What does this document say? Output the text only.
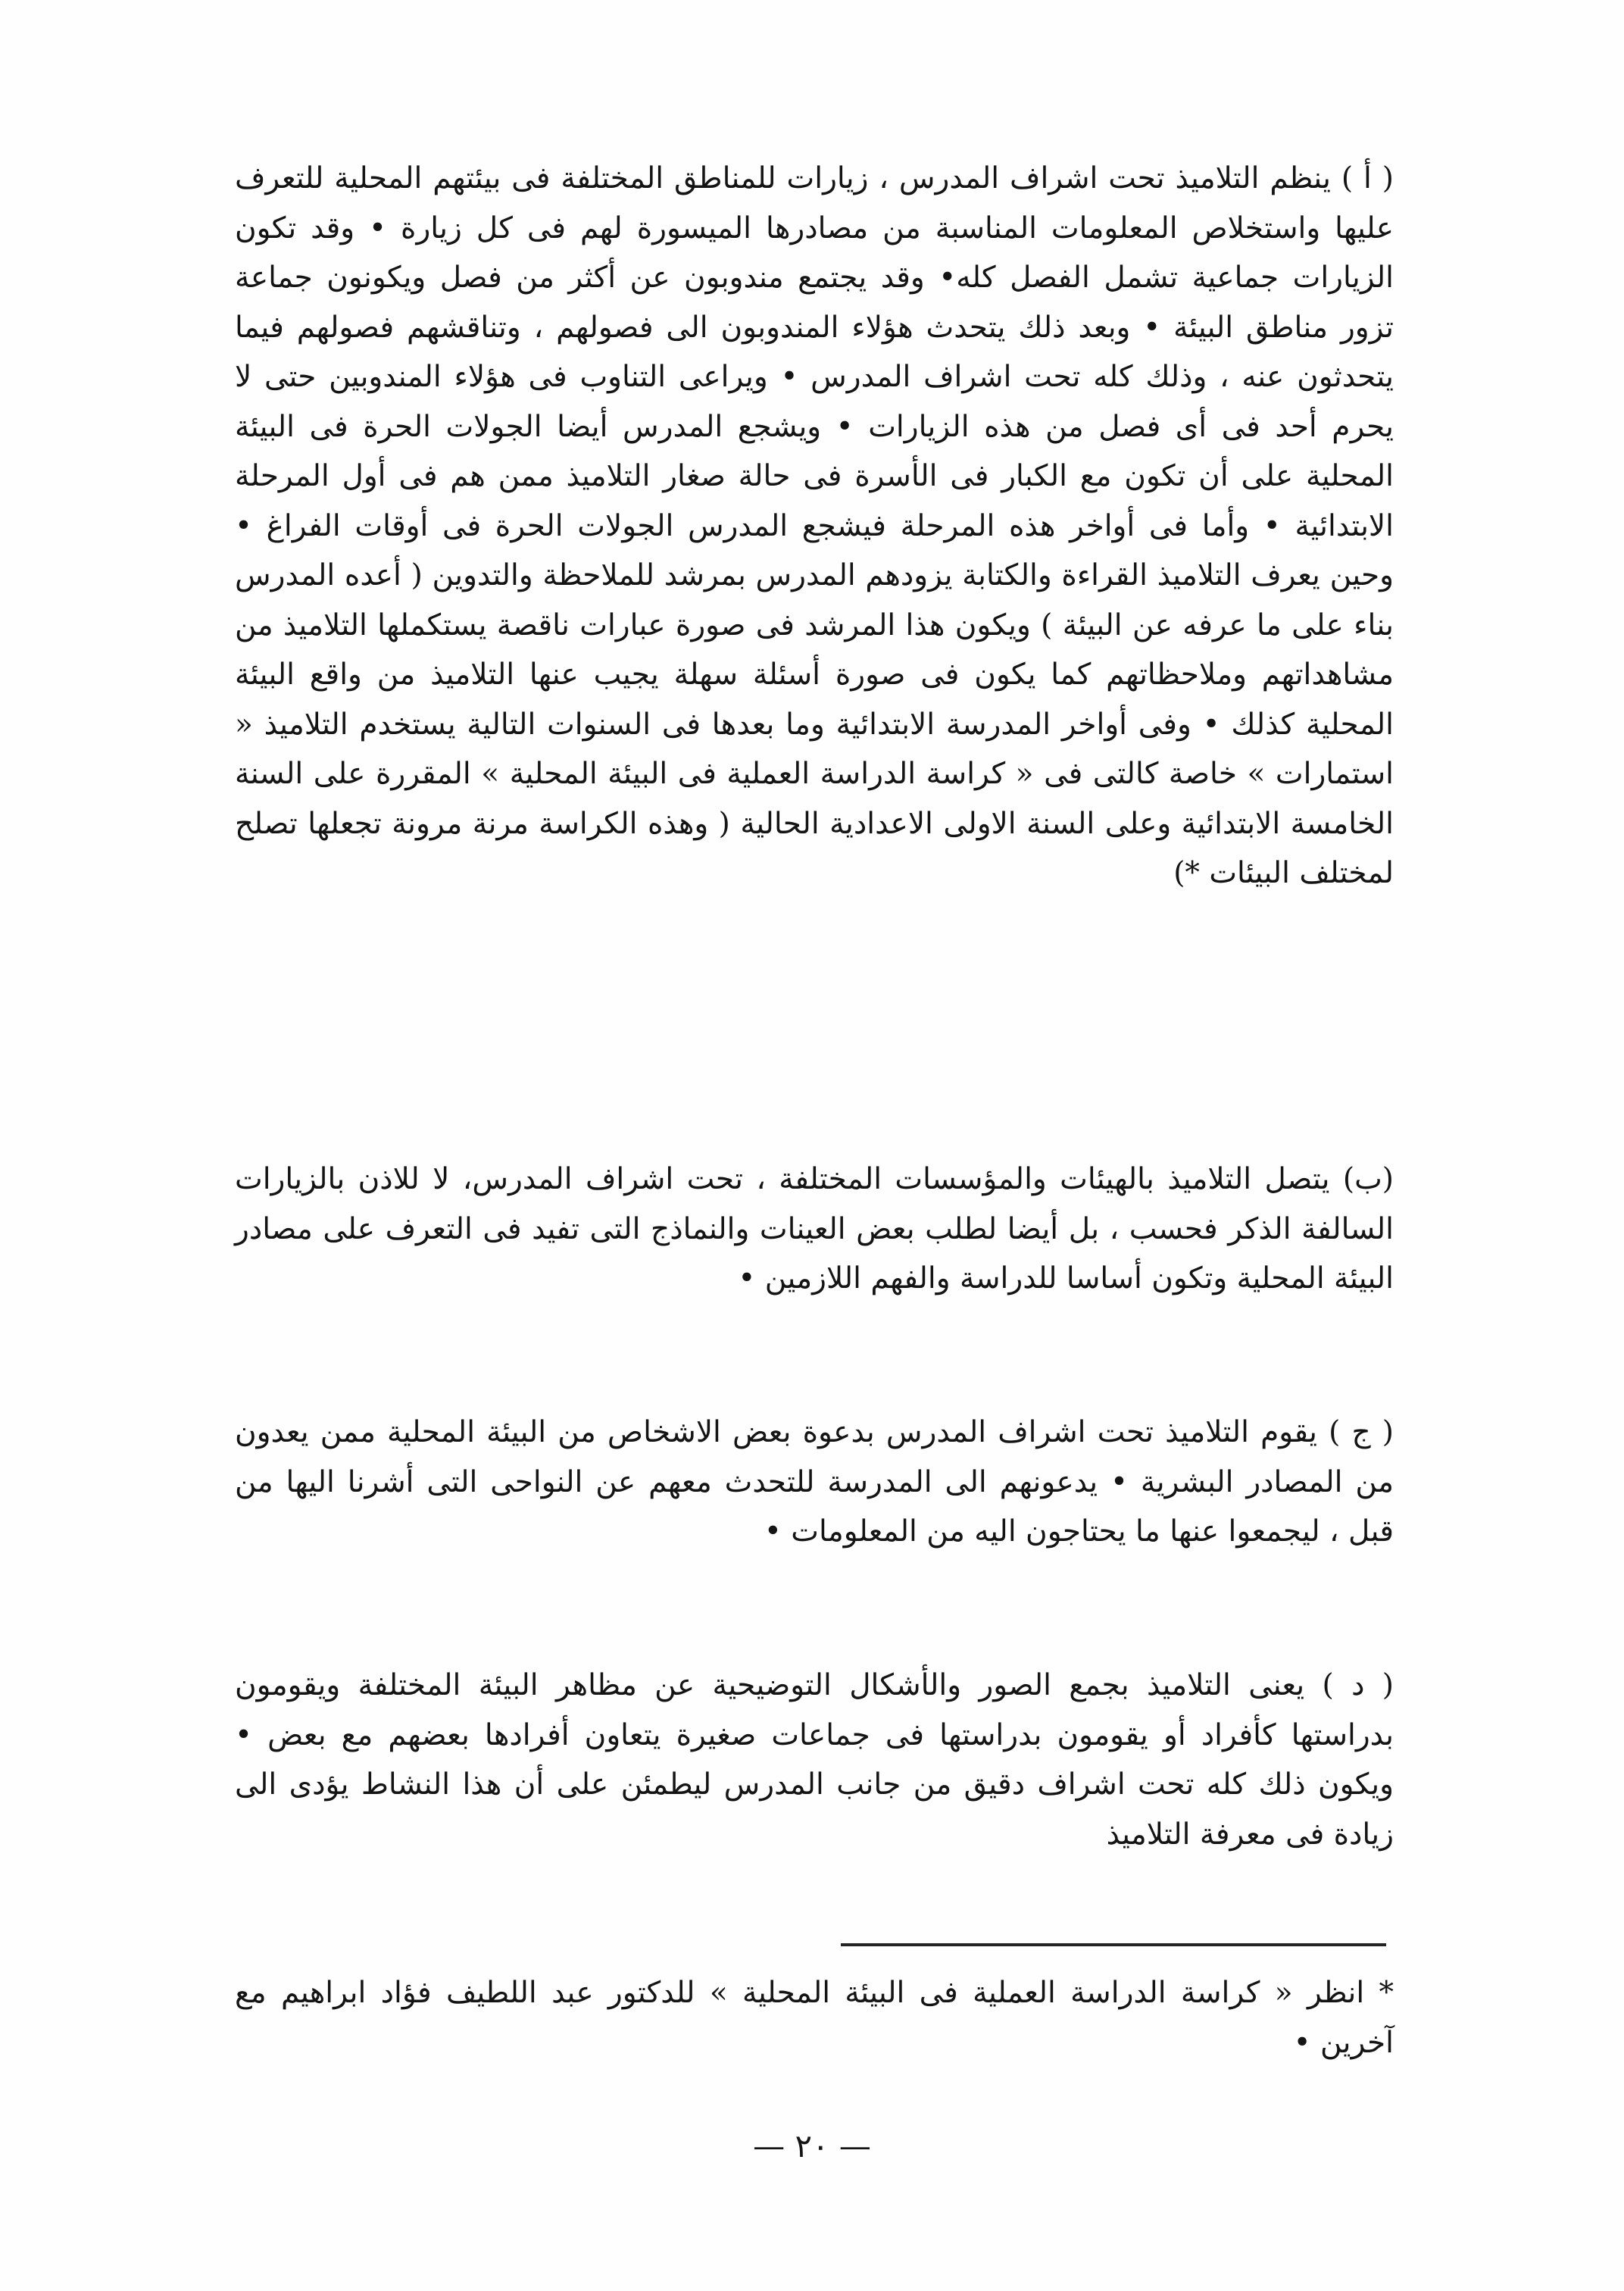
( أ ) ينظم التلاميذ تحت اشراف المدرس ، زيارات للمناطق المختلفة فى بيئتهم المحلية للتعرف عليها واستخلاص المعلومات المناسبة من مصادرها الميسورة لهم فى كل زيارة • وقد تكون الزيارات جماعية تشمل الفصل كله• وقد يجتمع مندوبون عن أكثر من فصل ويكونون جماعة تزور مناطق البيئة • وبعد ذلك يتحدث هؤلاء المندوبون الى فصولهم ، وتناقشهم فصولهم فيما يتحدثون عنه ، وذلك كله تحت اشراف المدرس • ويراعى التناوب فى هؤلاء المندوبين حتى لا يحرم أحد فى أى فصل من هذه الزيارات • ويشجع المدرس أيضا الجولات الحرة فى البيئة المحلية على أن تكون مع الكبار فى الأسرة فى حالة صغار التلاميذ ممن هم فى أول المرحلة الابتدائية • وأما فى أواخر هذه المرحلة فيشجع المدرس الجولات الحرة فى أوقات الفراغ • وحين يعرف التلاميذ القراءة والكتابة يزودهم المدرس بمرشد للملاحظة والتدوين ( أعده المدرس بناء على ما عرفه عن البيئة ) ويكون هذا المرشد فى صورة عبارات ناقصة يستكملها التلاميذ من مشاهداتهم وملاحظاتهم كما يكون فى صورة أسئلة سهلة يجيب عنها التلاميذ من واقع البيئة المحلية كذلك • وفى أواخر المدرسة الابتدائية وما بعدها فى السنوات التالية يستخدم التلاميذ « استمارات » خاصة كالتى فى « كراسة الدراسة العملية فى البيئة المحلية » المقررة على السنة الخامسة الابتدائية وعلى السنة الاولى الاعدادية الحالية ( وهذه الكراسة مرنة مرونة تجعلها تصلح لمختلف البيئات *)

(ب) يتصل التلاميذ بالهيئات والمؤسسات المختلفة ، تحت اشراف المدرس، لا للاذن بالزيارات السالفة الذكر فحسب ، بل أيضا لطلب بعض العينات والنماذج التى تفيد فى التعرف على مصادر البيئة المحلية وتكون أساسا للدراسة والفهم اللازمين •

( ج ) يقوم التلاميذ تحت اشراف المدرس بدعوة بعض الاشخاص من البيئة المحلية ممن يعدون من المصادر البشرية • يدعونهم الى المدرسة للتحدث معهم عن النواحى التى أشرنا اليها من قبل ، ليجمعوا عنها ما يحتاجون اليه من المعلومات •

( د ) يعنى التلاميذ بجمع الصور والأشكال التوضيحية عن مظاهر البيئة المختلفة ويقومون بدراستها كأفراد أو يقومون بدراستها فى جماعات صغيرة يتعاون أفرادها بعضهم مع بعض • ويكون ذلك كله تحت اشراف دقيق من جانب المدرس ليطمئن على أن هذا النشاط يؤدى الى زيادة فى معرفة التلاميذ

* انظر « كراسة الدراسة العملية فى البيئة المحلية » للدكتور عبد اللطيف فؤاد ابراهيم مع آخرين •

— ٢٠ —
